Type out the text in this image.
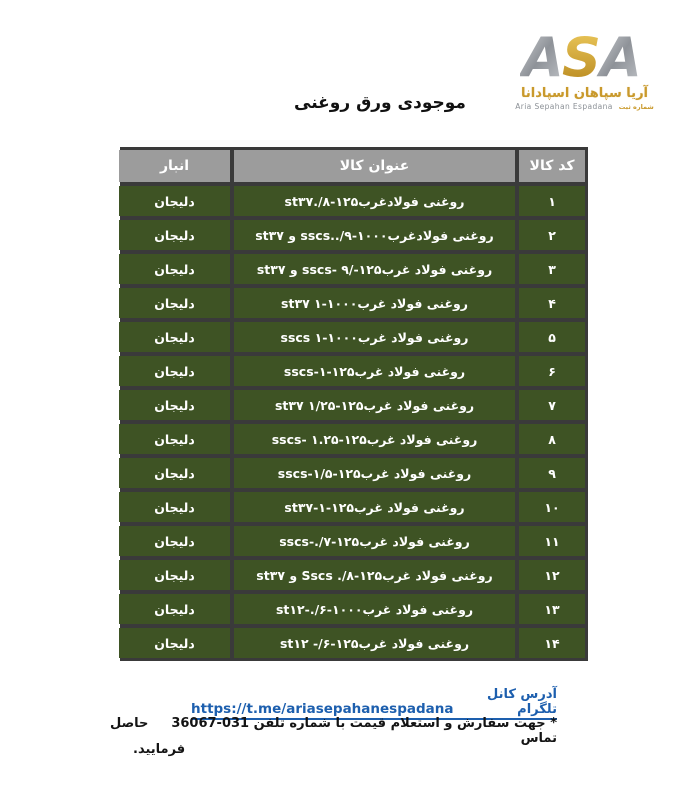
A
S A
آریا سپاهان اسپادانا
شماره ثبت
Aria Sepahan Espadana
موجودی ورق روغنی
کد کالا
عنوان کالا
انبار
۱
روغنی فولادغرب
st۳۷./۸-۱۲۵
دلیجان
۲
روغنی فولادغرب
st۳۷ و sscs../۹-۱۰۰۰
دلیجان
۳
روغنی فولاد غرب
st۳۷ و sscs- ۹/-۱۲۵
دلیجان
۴
روغنی فولاد غرب
st۳۷ ۱-۱۰۰۰
دلیجان
۵
روغنی فولاد غرب
sscs ۱-۱۰۰۰
دلیجان
۶
روغنی فولاد غرب
sscs-۱-۱۲۵
دلیجان
۷
روغنی فولاد غرب
st۳۷ ۱/۲۵-۱۲۵
دلیجان
۸
روغنی فولاد غرب
sscs- ۱.۲۵-۱۲۵
دلیجان
۹
روغنی فولاد غرب
sscs-۱/۵-۱۲۵
دلیجان
۱۰
روغنی فولاد غرب
st۳۷-۱-۱۲۵
دلیجان
۱۱
روغنی فولاد غرب
sscs-./۷-۱۲۵
دلیجان
۱۲
روغنی فولاد غرب
st۳۷ و Sscs ./۸-۱۲۵
دلیجان
۱۳
روغنی فولاد غرب
st۱۲-./۶-۱۰۰۰
دلیجان
۱۴
روغنی فولاد غرب
st۱۲ -/۶-۱۲۵
دلیجان
آدرس کانل تلگرام
https://t.me/ariasepahanespadana
* جهت سفارش و استعلام قیمت با شماره تلفن 031-36067 تماس
حاصل
فرمایید.
